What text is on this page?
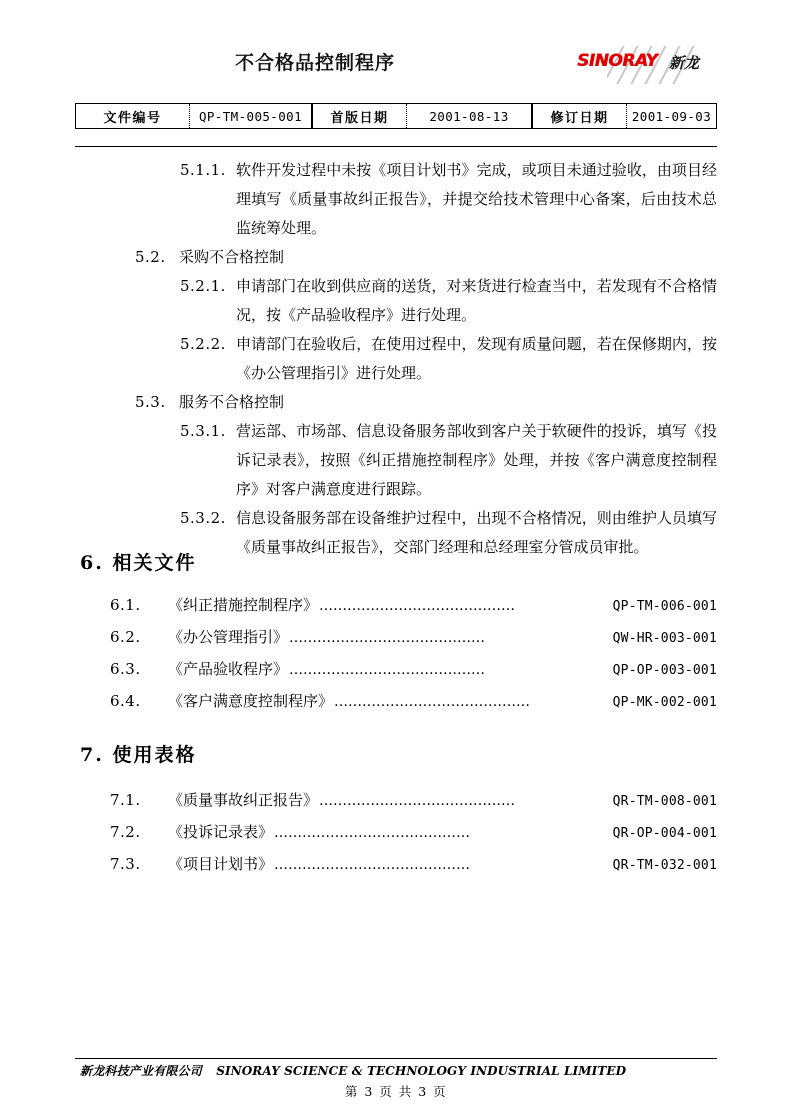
不合格品控制程序	SINORAY 新龙
文件编号	QP-TM-005-001	首版日期	2001-08-13	修订日期	2001-09-03
5.1.1. 软件开发过程中未按《项目计划书》完成，或项目未通过验收，由项目经理填写《质量事故纠正报告》，并提交给技术管理中心备案，后由技术总监统筹处理。
5.2. 采购不合格控制
5.2.1. 申请部门在收到供应商的送货，对来货进行检查当中，若发现有不合格情况，按《产品验收程序》进行处理。
5.2.2. 申请部门在验收后，在使用过程中，发现有质量问题，若在保修期内，按《办公管理指引》进行处理。
5.3. 服务不合格控制
5.3.1. 营运部、市场部、信息设备服务部收到客户关于软硬件的投诉，填写《投诉记录表》，按照《纠正措施控制程序》处理，并按《客户满意度控制程序》对客户满意度进行跟踪。
5.3.2. 信息设备服务部在设备维护过程中，出现不合格情况，则由维护人员填写《质量事故纠正报告》，交部门经理和总经理室分管成员审批。
6. 相关文件
6.1.	《纠正措施控制程序》 ……………………………………	QP-TM-006-001
6.2.	《办公管理指引》 ……………………………………	QW-HR-003-001
6.3.	《产品验收程序》 ……………………………………	QP-OP-003-001
6.4.	《客户满意度控制程序》 ……………………………………	QP-MK-002-001
7. 使用表格
7.1.	《质量事故纠正报告》 ……………………………………	QR-TM-008-001
7.2.	《投诉记录表》 ……………………………………	QR-OP-004-001
7.3.	《项目计划书》 ……………………………………	QR-TM-032-001
新龙科技产业有限公司 SINORAY SCIENCE & TECHNOLOGY INDUSTRIAL LIMITED
第 3 页 共 3 页
